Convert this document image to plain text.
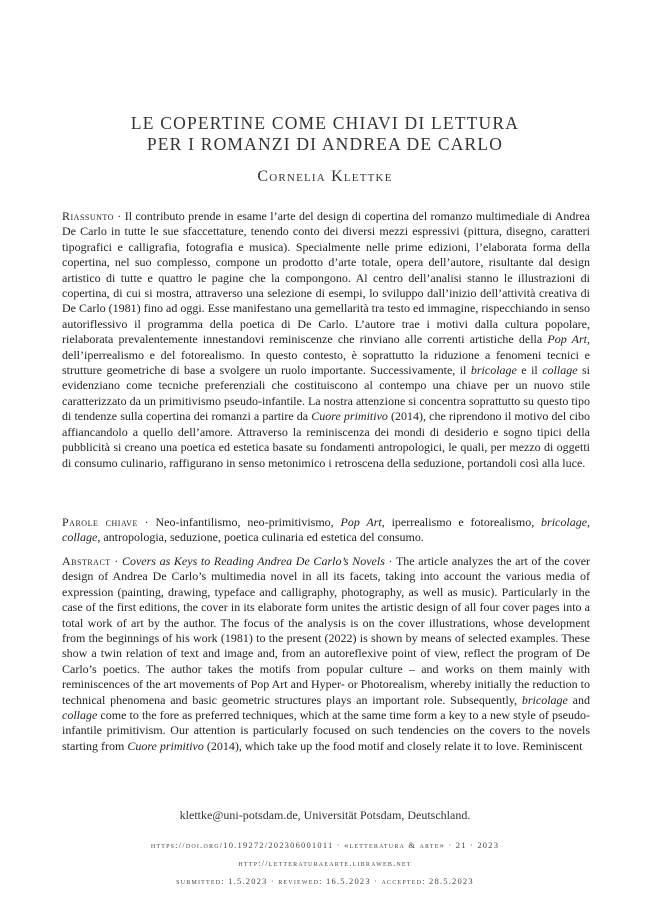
LE COPERTINE COME CHIAVI DI LETTURA
PER I ROMANZI DI ANDREA DE CARLO
Cornelia Klettke
Riassunto · Il contributo prende in esame l’arte del design di copertina del romanzo multimediale di Andrea De Carlo in tutte le sue sfaccettature, tenendo conto dei diversi mezzi espressivi (pittura, disegno, caratteri tipografici e calligrafia, fotografia e musica). Specialmente nelle prime edizioni, l’elaborata forma della copertina, nel suo complesso, compone un prodotto d’arte totale, opera dell’autore, risultante dal design artistico di tutte e quattro le pagine che la compongono. Al centro dell’analisi stanno le illustrazioni di copertina, di cui si mostra, attraverso una selezione di esempi, lo sviluppo dall’inizio dell’attività creativa di De Carlo (1981) fino ad oggi. Esse manifestano una gemellarità tra testo ed immagine, rispecchiando in senso autoriflessivo il programma della poetica di De Carlo. L’autore trae i motivi dalla cultura popolare, rielaborata prevalentemente innestandovi reminiscenze che rinviano alle correnti artistiche della Pop Art, dell’iperrealismo e del fotorealismo. In questo contesto, è soprattutto la riduzione a fenomeni tecnici e strutture geometriche di base a svolgere un ruolo importante. Successivamente, il bricolage e il collage si evidenziano come tecniche preferenziali che costituiscono al contempo una chiave per un nuovo stile caratterizzato da un primitivismo pseudo-infantile. La nostra attenzione si concentra soprattutto su questo tipo di tendenze sulla copertina dei romanzi a partire da Cuore primitivo (2014), che riprendono il motivo del cibo affiancandolo a quello dell’amore. Attraverso la reminiscenza dei mondi di desiderio e sogno tipici della pubblicità si creano una poetica ed estetica basate su fondamenti antropologici, le quali, per mezzo di oggetti di consumo culinario, raffigurano in senso metonimico i retroscena della seduzione, portandoli così alla luce.
Parole chiave · Neo-infantilismo, neo-primitivismo, Pop Art, iperrealismo e fotorealismo, bricolage, collage, antropologia, seduzione, poetica culinaria ed estetica del consumo.
Abstract · Covers as Keys to Reading Andrea De Carlo’s Novels · The article analyzes the art of the cover design of Andrea De Carlo’s multimedia novel in all its facets, taking into account the various media of expression (painting, drawing, typeface and calligraphy, photography, as well as music). Particularly in the case of the first editions, the cover in its elaborate form unites the artistic design of all four cover pages into a total work of art by the author. The focus of the analysis is on the cover illustrations, whose development from the beginnings of his work (1981) to the present (2022) is shown by means of selected examples. These show a twin relation of text and image and, from an autoreflexive point of view, reflect the program of De Carlo’s poetics. The author takes the motifs from popular culture – and works on them mainly with reminiscences of the art movements of Pop Art and Hyper- or Photorealism, whereby initially the reduction to technical phenomena and basic geometric structures plays an important role. Subsequently, bricolage and collage come to the fore as preferred techniques, which at the same time form a key to a new style of pseudo-infantile primitivism. Our attention is particularly focused on such tendencies on the covers to the novels starting from Cuore primitivo (2014), which take up the food motif and closely relate it to love. Reminiscent
klettke@uni-potsdam.de, Universität Potsdam, Deutschland.
https://doi.org/10.19272/202306001011 · «letteratura & arte» · 21 · 2023
http://letteraturaearte.libraweb.net
submitted: 1.5.2023 · reviewed: 16.5.2023 · accepted: 28.5.2023
